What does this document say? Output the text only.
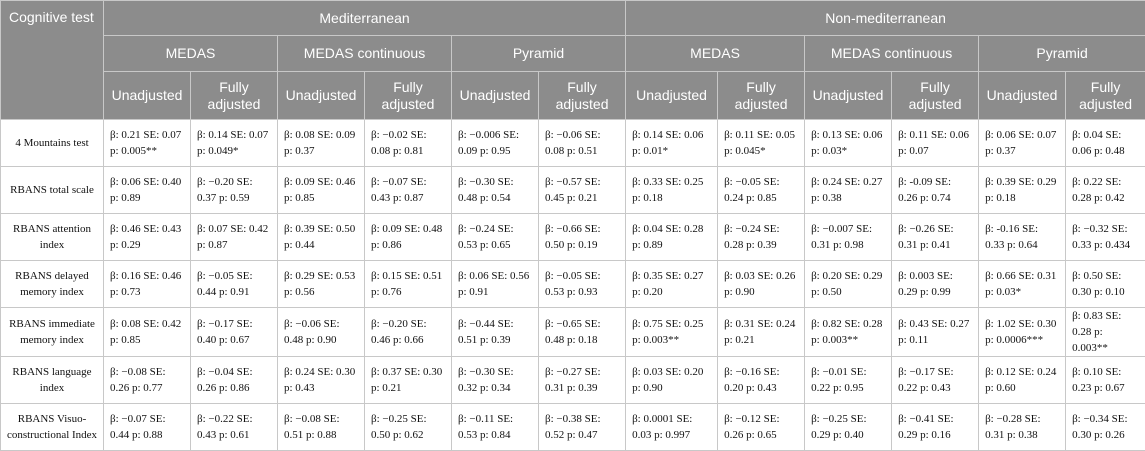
Cognitive test	Mediterranean						Non-mediterranean					
	MEDAS		MEDAS continuous		Pyramid		MEDAS		MEDAS continuous		Pyramid	
	Unadjusted	Fully adjusted	Unadjusted	Fully adjusted	Unadjusted	Fully adjusted	Unadjusted	Fully adjusted	Unadjusted	Fully adjusted	Unadjusted	Fully adjusted
4 Mountains test	β: 0.21 SE: 0.07 p: 0.005**	β: 0.14 SE: 0.07 p: 0.049*	β: 0.08 SE: 0.09 p: 0.37	β: −0.02 SE: 0.08 p: 0.81	β: −0.006 SE: 0.09 p: 0.95	β: −0.06 SE: 0.08 p: 0.51	β: 0.14 SE: 0.06 p: 0.01*	β: 0.11 SE: 0.05 p: 0.045*	β: 0.13 SE: 0.06 p: 0.03*	β: 0.11 SE: 0.06 p: 0.07	β: 0.06 SE: 0.07 p: 0.37	β: 0.04 SE: 0.06 p: 0.48
RBANS total scale	β: 0.06 SE: 0.40 p: 0.89	β: −0.20 SE: 0.37 p: 0.59	β: 0.09 SE: 0.46 p: 0.85	β: −0.07 SE: 0.43 p: 0.87	β: −0.30 SE: 0.48 p: 0.54	β: −0.57 SE: 0.45 p: 0.21	β: 0.33 SE: 0.25 p: 0.18	β: −0.05 SE: 0.24 p: 0.85	β: 0.24 SE: 0.27 p: 0.38	β: -0.09 SE: 0.26 p: 0.74	β: 0.39 SE: 0.29 p: 0.18	β: 0.22 SE: 0.28 p: 0.42
RBANS attention index	β: 0.46 SE: 0.43 p: 0.29	β: 0.07 SE: 0.42 p: 0.87	β: 0.39 SE: 0.50 p: 0.44	β: 0.09 SE: 0.48 p: 0.86	β: −0.24 SE: 0.53 p: 0.65	β: −0.66 SE: 0.50 p: 0.19	β: 0.04 SE: 0.28 p: 0.89	β: −0.24 SE: 0.28 p: 0.39	β: −0.007 SE: 0.31 p: 0.98	β: −0.26 SE: 0.31 p: 0.41	β: -0.16 SE: 0.33 p: 0.64	β: −0.32 SE: 0.33 p: 0.434
RBANS delayed memory index	β: 0.16 SE: 0.46 p: 0.73	β: −0.05 SE: 0.44 p: 0.91	β: 0.29 SE: 0.53 p: 0.56	β: 0.15 SE: 0.51 p: 0.76	β: 0.06 SE: 0.56 p: 0.91	β: −0.05 SE: 0.53 p: 0.93	β: 0.35 SE: 0.27 p: 0.20	β: 0.03 SE: 0.26 p: 0.90	β: 0.20 SE: 0.29 p: 0.50	β: 0.003 SE: 0.29 p: 0.99	β: 0.66 SE: 0.31 p: 0.03*	β: 0.50 SE: 0.30 p: 0.10
RBANS immediate memory index	β: 0.08 SE: 0.42 p: 0.85	β: −0.17 SE: 0.40 p: 0.67	β: −0.06 SE: 0.48 p: 0.90	β: −0.20 SE: 0.46 p: 0.66	β: −0.44 SE: 0.51 p: 0.39	β: −0.65 SE: 0.48 p: 0.18	β: 0.75 SE: 0.25 p: 0.003**	β: 0.31 SE: 0.24 p: 0.21	β: 0.82 SE: 0.28 p: 0.003**	β: 0.43 SE: 0.27 p: 0.11	β: 1.02 SE: 0.30 p: 0.0006***	β: 0.83 SE: 0.28 p: 0.003**
RBANS language index	β: −0.08 SE: 0.26 p: 0.77	β: −0.04 SE: 0.26 p: 0.86	β: 0.24 SE: 0.30 p: 0.43	β: 0.37 SE: 0.30 p: 0.21	β: −0.30 SE: 0.32 p: 0.34	β: −0.27 SE: 0.31 p: 0.39	β: 0.03 SE: 0.20 p: 0.90	β: −0.16 SE: 0.20 p: 0.43	β: −0.01 SE: 0.22 p: 0.95	β: −0.17 SE: 0.22 p: 0.43	β: 0.12 SE: 0.24 p: 0.60	β: 0.10 SE: 0.23 p: 0.67
RBANS Visuo-constructional Index	β: −0.07 SE: 0.44 p: 0.88	β: −0.22 SE: 0.43 p: 0.61	β: −0.08 SE: 0.51 p: 0.88	β: −0.25 SE: 0.50 p: 0.62	β: −0.11 SE: 0.53 p: 0.84	β: −0.38 SE: 0.52 p: 0.47	β: 0.0001 SE: 0.03 p: 0.997	β: −0.12 SE: 0.26 p: 0.65	β: −0.25 SE: 0.29 p: 0.40	β: −0.41 SE: 0.29 p: 0.16	β: −0.28 SE: 0.31 p: 0.38	β: −0.34 SE: 0.30 p: 0.26
